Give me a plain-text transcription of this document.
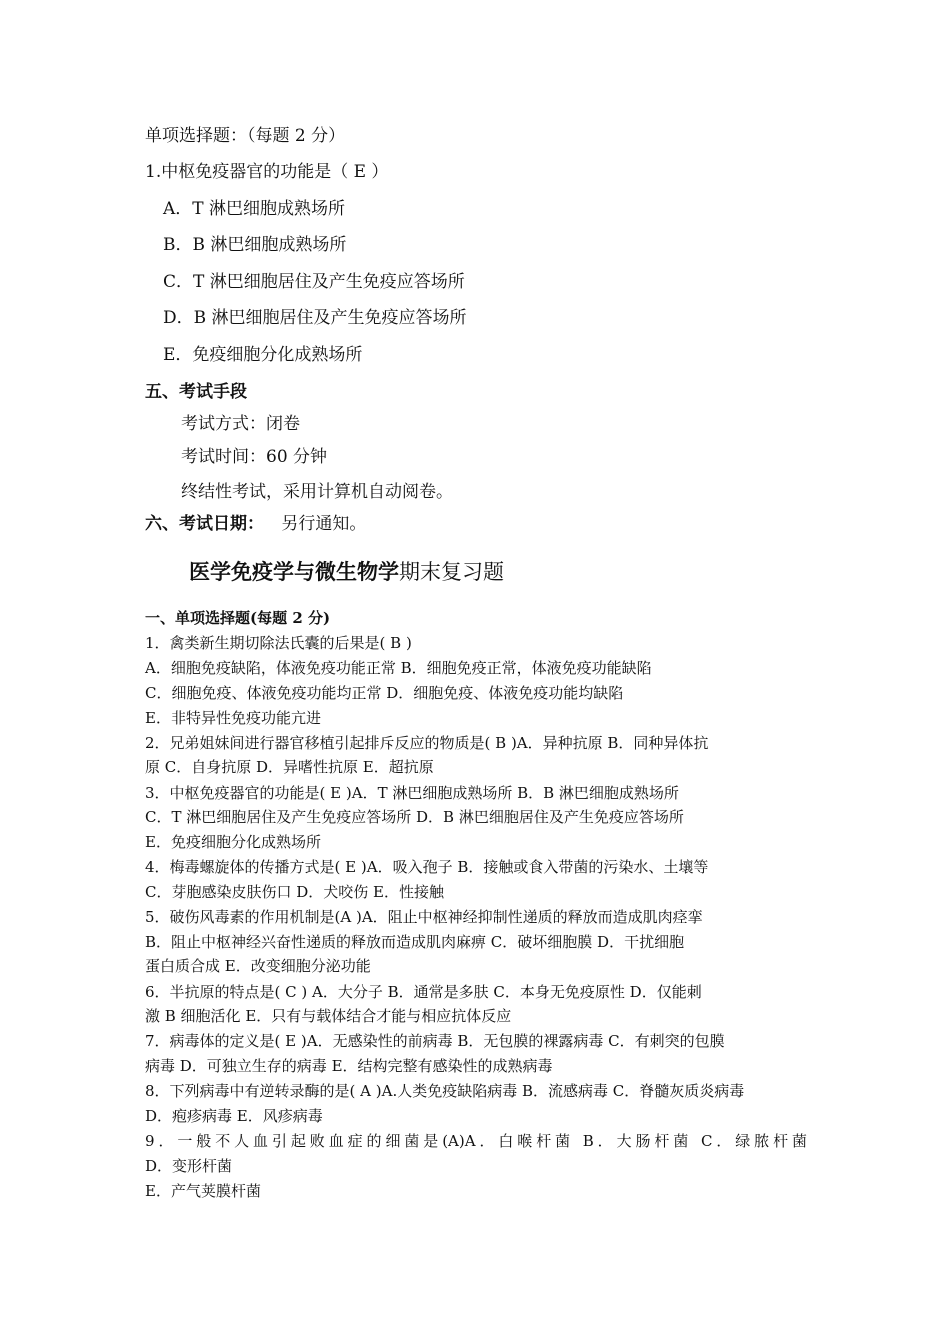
单项选择题：（每题 2 分）
1.中枢免疫器官的功能是（ E ）
A．T 淋巴细胞成熟场所
B．B 淋巴细胞成熟场所
C．T 淋巴细胞居住及产生免疫应答场所
D．B 淋巴细胞居住及产生免疫应答场所
E．免疫细胞分化成熟场所
五、考试手段
考试方式：闭卷
考试时间：60 分钟
终结性考试，采用计算机自动阅卷。
六、考试日期： 另行通知。
医学免疫学与微生物学期末复习题
一、单项选择题(每题 2 分)
1．禽类新生期切除法氏囊的后果是( B )
A．细胞免疫缺陷，体液免疫功能正常 B．细胞免疫正常，体液免疫功能缺陷
C．细胞免疫、体液免疫功能均正常 D．细胞免疫、体液免疫功能均缺陷
E．非特异性免疫功能亢进
2．兄弟姐妹间进行器官移植引起排斥反应的物质是( B )A．异种抗原 B．同种异体抗
原 C．自身抗原 D．异嗜性抗原 E．超抗原
3．中枢免疫器官的功能是( E )A．T 淋巴细胞成熟场所 B．B 淋巴细胞成熟场所
C．T 淋巴细胞居住及产生免疫应答场所 D．B 淋巴细胞居住及产生免疫应答场所
E．免疫细胞分化成熟场所
4．梅毒螺旋体的传播方式是( E )A．吸入孢子 B．接触或食入带菌的污染水、土壤等
C．芽胞感染皮肤伤口 D．犬咬伤 E．性接触
5．破伤风毒素的作用机制是(A )A．阻止中枢神经抑制性递质的释放而造成肌肉痉挛
B．阻止中枢神经兴奋性递质的释放而造成肌肉麻痹 C．破坏细胞膜 D．干扰细胞
蛋白质合成 E．改变细胞分泌功能
6．半抗原的特点是( C ) A．大分子 B．通常是多肤 C．本身无免疫原性 D．仅能刺
激 B 细胞活化 E．只有与载体结合才能与相应抗体反应
7．病毒体的定义是( E )A．无感染性的前病毒 B．无包膜的裸露病毒 C．有刺突的包膜
病毒 D．可独立生存的病毒 E．结构完整有感染性的成熟病毒
8．下列病毒中有逆转录酶的是( A )A.人类免疫缺陷病毒 B．流感病毒 C．脊髓灰质炎病毒
D．疱疹病毒 E．风疹病毒
9．一般不人血引起败血症的细菌是(A)A．白喉杆菌 B．大肠杆菌 C．绿脓杆菌
D．变形杆菌
E．产气荚膜杆菌
